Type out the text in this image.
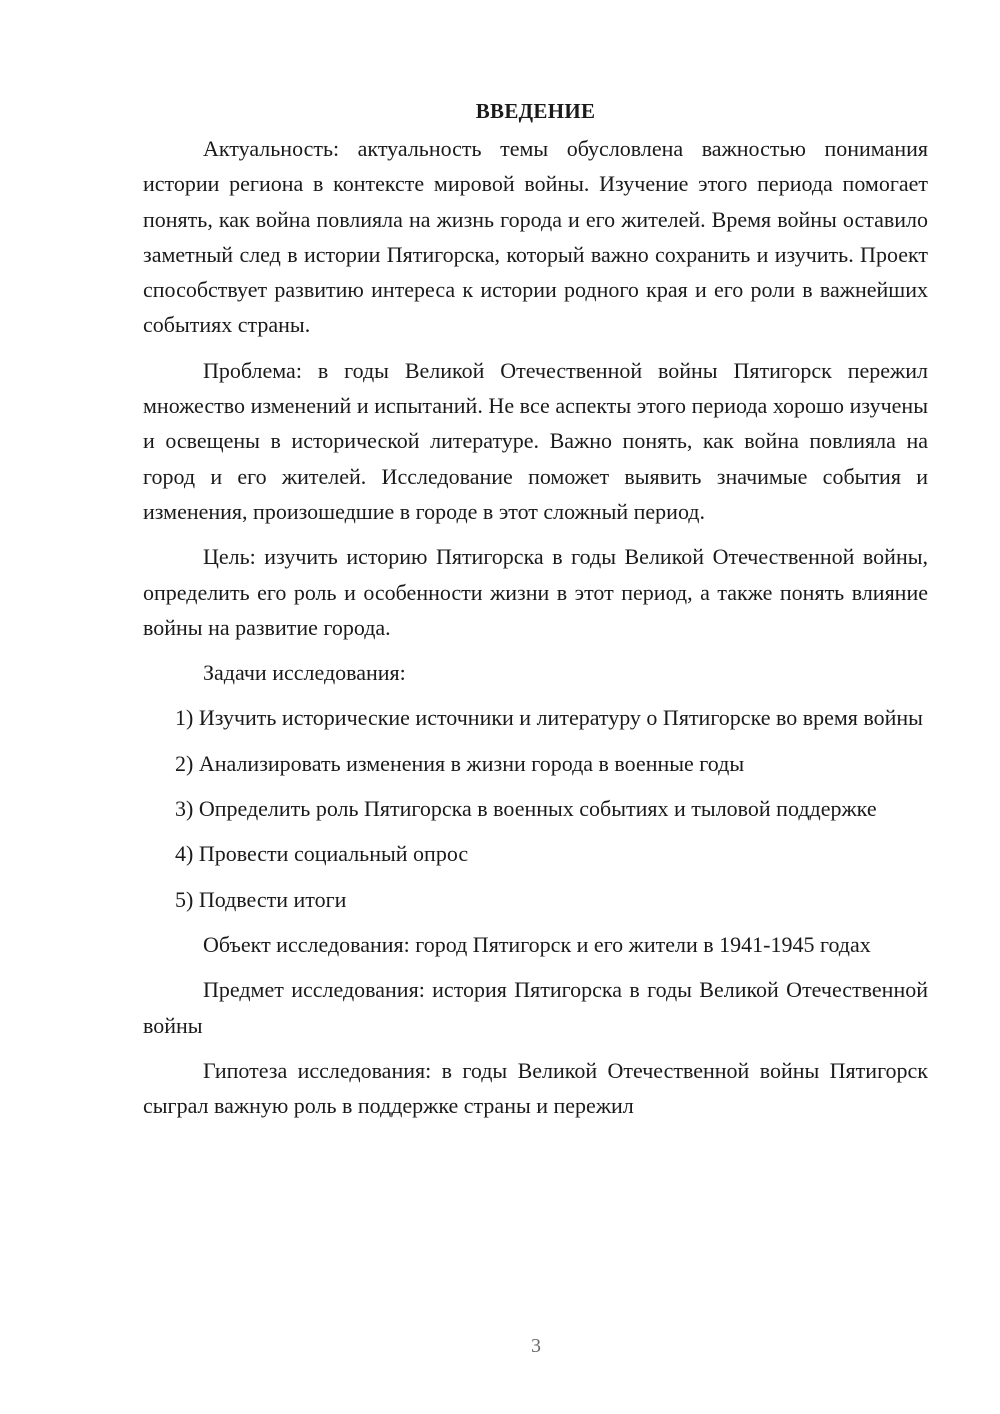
ВВЕДЕНИЕ

Актуальность: актуальность темы обусловлена важностью понимания истории региона в контексте мировой войны. Изучение этого периода помогает понять, как война повлияла на жизнь города и его жителей. Время войны оставило заметный след в истории Пятигорска, который важно сохранить и изучить. Проект способствует развитию интереса к истории родного края и его роли в важнейших событиях страны.

Проблема: в годы Великой Отечественной войны Пятигорск пережил множество изменений и испытаний. Не все аспекты этого периода хорошо изучены и освещены в исторической литературе. Важно понять, как война повлияла на город и его жителей. Исследование поможет выявить значимые события и изменения, произошедшие в городе в этот сложный период.

Цель: изучить историю Пятигорска в годы Великой Отечественной войны, определить его роль и особенности жизни в этот период, а также понять влияние войны на развитие города.

Задачи исследования:

1) Изучить исторические источники и литературу о Пятигорске во время войны

2) Анализировать изменения в жизни города в военные годы

3) Определить роль Пятигорска в военных событиях и тыловой поддержке

4) Провести социальный опрос

5) Подвести итоги

Объект исследования: город Пятигорск и его жители в 1941-1945 годах

Предмет исследования: история Пятигорска в годы Великой Отечественной войны

Гипотеза исследования: в годы Великой Отечественной войны Пятигорск сыграл важную роль в поддержке страны и пережил

3
